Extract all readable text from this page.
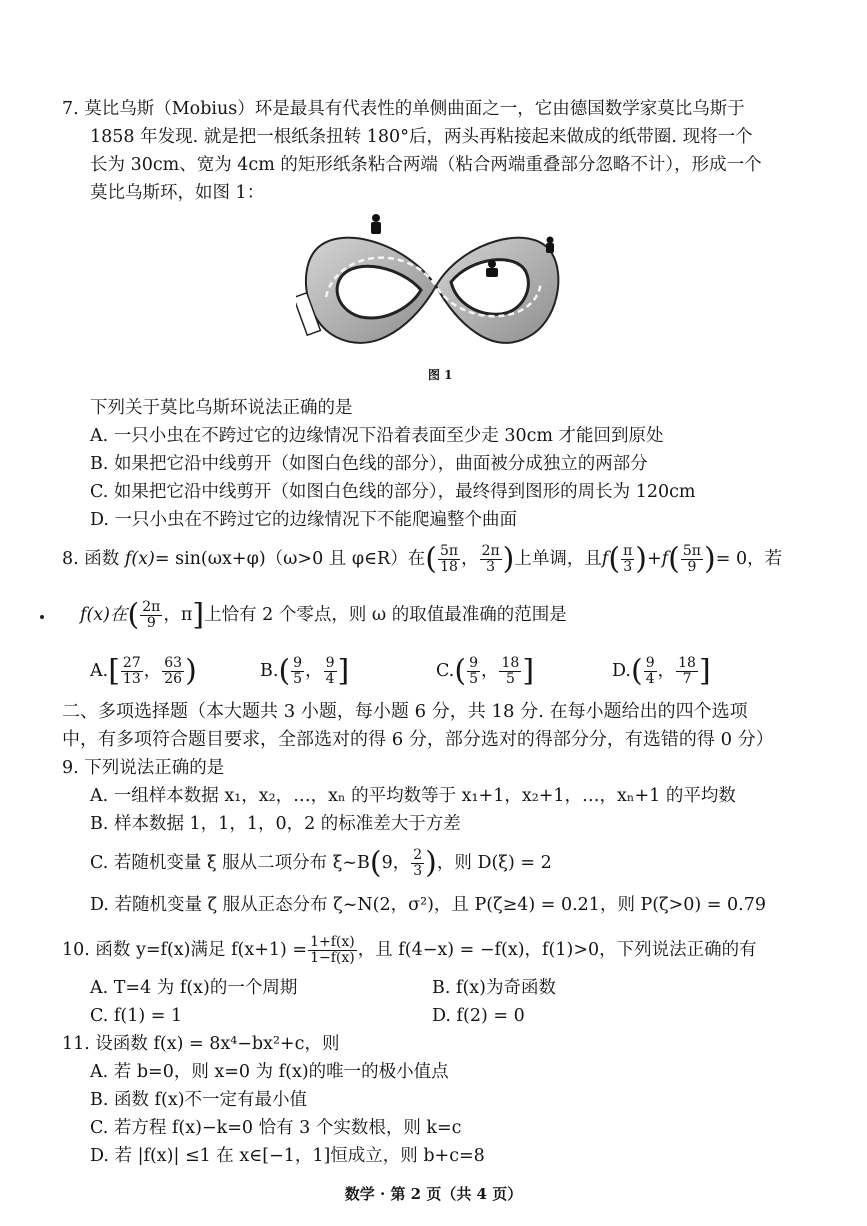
7. 莫比乌斯（Mobius）环是最具有代表性的单侧曲面之一，它由德国数学家莫比乌斯于
1858 年发现. 就是把一根纸条扭转 180°后，两头再粘接起来做成的纸带圈. 现将一个
长为 30cm、宽为 4cm 的矩形纸条粘合两端（粘合两端重叠部分忽略不计），形成一个
莫比乌斯环，如图 1：
图 1
下列关于莫比乌斯环说法正确的是
A. 一只小虫在不跨过它的边缘情况下沿着表面至少走 30cm 才能回到原处
B. 如果把它沿中线剪开（如图白色线的部分），曲面被分成独立的两部分
C. 如果把它沿中线剪开（如图白色线的部分），最终得到图形的周长为 120cm
D. 一只小虫在不跨过它的边缘情况下不能爬遍整个曲面
8. 函数 f(x)= sin(ωx+φ)（ω>0 且 φ∈R）在( $\frac{5\pi}{18}$ ， $\frac{2\pi}{3}$ )上单调，且$f( \frac{\pi}{3} )+f( \frac{5\pi}{9}$ )= 0，若
f(x)在( $\frac{2\pi}{9}$ ，π]上恰有 2 个零点，则 ω 的取值最准确的范围是
$A.[ \frac{27}{13}$ ， $\frac{63}{26}$ )	$B.( \frac{9}{5}$ ， $\frac{9}{4}$ ]	$C.( \frac{9}{5}$ ， $\frac{18}{5}$ ]	$D.( \frac{9}{4}$ ， $\frac{18}{7}$ ]
二、多项选择题（本大题共 3 小题，每小题 6 分，共 18 分. 在每小题给出的四个选项
中，有多项符合题目要求，全部选对的得 6 分，部分选对的得部分分，有选错的得 0 分）
9. 下列说法正确的是
A. 一组样本数据 x₁，x₂，…，xₙ 的平均数等于 x₁+1，x₂+1，…，xₙ+1 的平均数
B. 样本数据 1，1，1，0，2 的标准差大于方差
C. 若随机变量 ξ 服从二项分布 ξ~B(9， $\frac{2}{3}$ )，则 D(ξ) = 2
D. 若随机变量 ζ 服从正态分布 ζ~N(2，σ²)，且 P(ζ≥4) = 0.21，则 P(ζ>0) = 0.79
10. 函数 y=f(x)满足 $f(x+1) = \frac{1+f(x)}{1-f(x)}$ ，且 f(4−x) = −f(x)，f(1)>0，下列说法正确的有
A. T=4 为 f(x)的一个周期	B. f(x)为奇函数
C. f(1) = 1	D. f(2) = 0
11. 设函数 f(x) = 8x⁴−bx²+c，则
A. 若 b=0，则 x=0 为 f(x)的唯一的极小值点
B. 函数 f(x)不一定有最小值
C. 若方程 f(x)−k=0 恰有 3 个实数根，则 k=c
D. 若 |f(x)| ≤1 在 x∈[−1，1]恒成立，则 b+c=8
数学 · 第 2 页（共 4 页）
